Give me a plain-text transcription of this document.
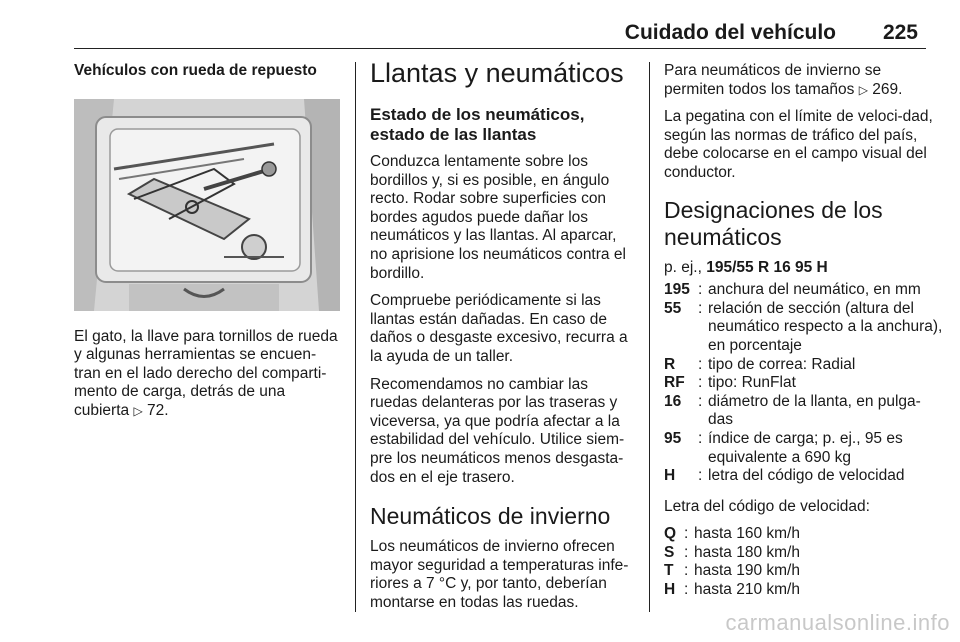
Cuidado del vehículo 225
Vehículos con rueda de repuesto
El gato, la llave para tornillos de rueda
y algunas herramientas se encuen-
tran en el lado derecho del comparti-
mento de carga, detrás de una
cubierta ▷ 72.
Llantas y neumáticos
Estado de los neumáticos, estado de las llantas

Conduzca lentamente sobre los bordillos y, si es posible, en ángulo recto. Rodar sobre superficies con bordes agudos puede dañar los neumáticos y las llantas. Al aparcar, no aprisione los neumáticos contra el bordillo.

Compruebe periódicamente si las llantas están dañadas. En caso de daños o desgaste excesivo, recurra a la ayuda de un taller.

Recomendamos no cambiar las ruedas delanteras por las traseras y viceversa, ya que podría afectar a la estabilidad del vehículo. Utilice siem-pre los neumáticos menos desgasta-dos en el eje trasero.

Neumáticos de invierno

Los neumáticos de invierno ofrecen mayor seguridad a temperaturas infe-riores a 7 °C y, por tanto, deberían montarse en todas las ruedas.

Para neumáticos de invierno se permiten todos los tamaños ▷ 269.

La pegatina con el límite de veloci-dad, según las normas de tráfico del país, debe colocarse en el campo visual del conductor.

Designaciones de los neumáticos
p. ej., 195/55 R 16 95 H
195 : anchura del neumático, en mm
55	: relación de sección (altura del neumático respecto a la anchura), en porcentaje
R	: tipo de correa: Radial
RF : tipo: RunFlat
16	: diámetro de la llanta, en pulga-das
95	: índice de carga; p. ej., 95 es equivalente a 690 kg
H	: letra del código de velocidad

Letra del código de velocidad:

Q : hasta 160 km/h
S : hasta 180 km/h
T : hasta 190 km/h
H : hasta 210 km/h
carmanualsonline.info
